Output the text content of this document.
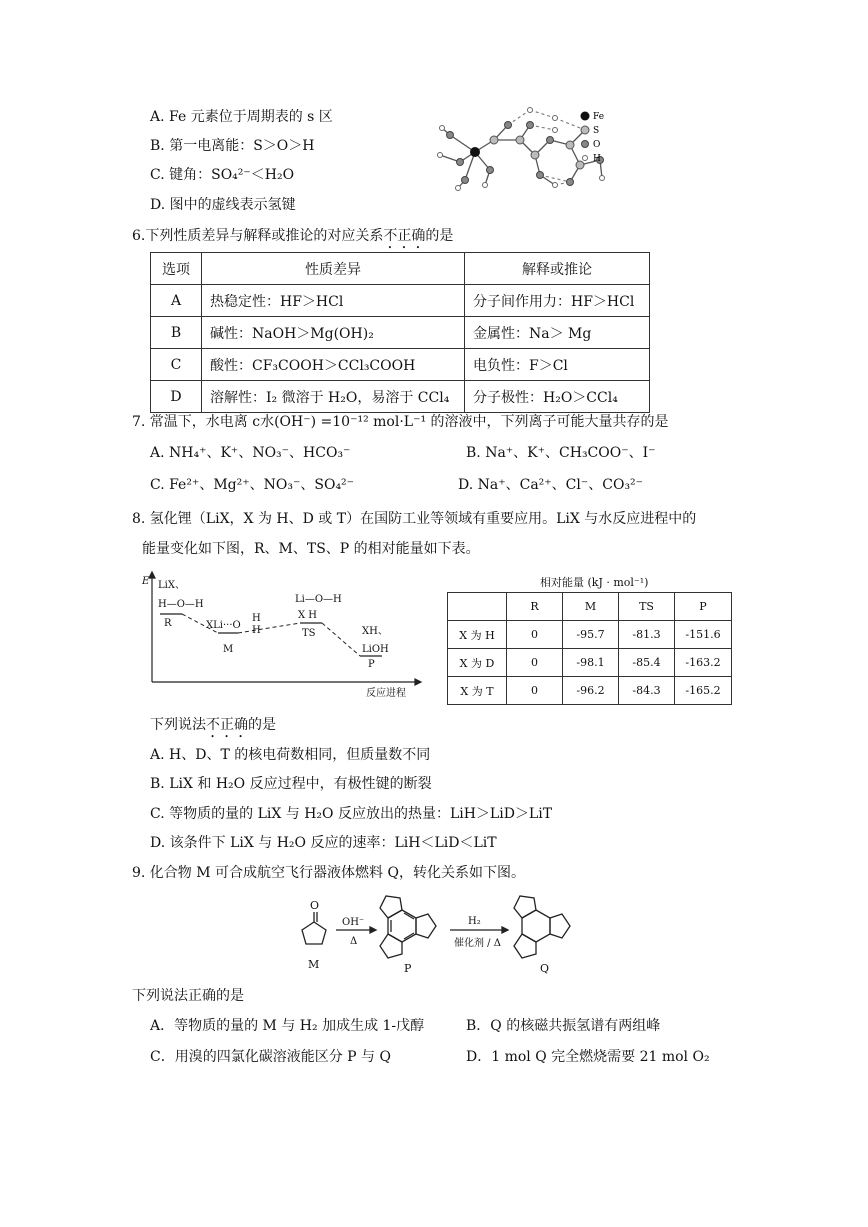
A. Fe 元素位于周期表的 s 区
B. 第一电离能：S＞O＞H
C. 键角：SO₄²⁻＜H₂O
D. 图中的虚线表示氢键
Fe
S
O
H
6.下列性质差异与解释或推论的对应关系不正确的是
选项	性质差异	解释或推论
A	热稳定性：HF＞HCl	分子间作用力：HF＞HCl
B	碱性：NaOH＞Mg(OH)₂	金属性：Na＞ Mg
C	酸性：CF₃COOH＞CCl₃COOH	电负性：F＞Cl
D	溶解性：I₂ 微溶于 H₂O，易溶于 CCl₄	分子极性：H₂O＞CCl₄
7. 常温下，水电离 c水(OH⁻) =10⁻¹² mol·L⁻¹ 的溶液中，下列离子可能大量共存的是
A. NH₄⁺、K⁺、NO₃⁻、HCO₃⁻	B. Na⁺、K⁺、CH₃COO⁻、I⁻
C. Fe²⁺、Mg²⁺、NO₃⁻、SO₄²⁻	D. Na⁺、Ca²⁺、Cl⁻、CO₃²⁻
8. 氢化锂（LiX，X 为 H、D 或 T）在国防工业等领域有重要应用。LiX 与水反应进程中的
能量变化如下图，R、M、TS、P 的相对能量如下表。
E LiX、
H—O—H
R	XLi···O
H
H
M
Li—O—H
X H
TS	XH、
LiOH
P
反应进程
相对能量 (kJ · mol⁻¹)
	R	M	TS	P
X 为 H	0	-95.7	-81.3	-151.6
X 为 D	0	-98.1	-85.4	-163.2
X 为 T	0	-96.2	-84.3	-165.2
下列说法不正确的是
A. H、D、T 的核电荷数相同，但质量数不同
B. LiX 和 H₂O 反应过程中，有极性键的断裂
C. 等物质的量的 LiX 与 H₂O 反应放出的热量：LiH＞LiD＞LiT
D. 该条件下 LiX 与 H₂O 反应的速率：LiH＜LiD＜LiT
9. 化合物 M 可合成航空飞行器液体燃料 Q，转化关系如下图。
O
M
OH⁻
Δ
P
H₂
催化剂 / Δ
Q
下列说法正确的是
A．等物质的量的 M 与 H₂ 加成生成 1-戊醇	B．Q 的核磁共振氢谱有两组峰
C．用溴的四氯化碳溶液能区分 P 与 Q	D．1 mol Q 完全燃烧需要 21 mol O₂
